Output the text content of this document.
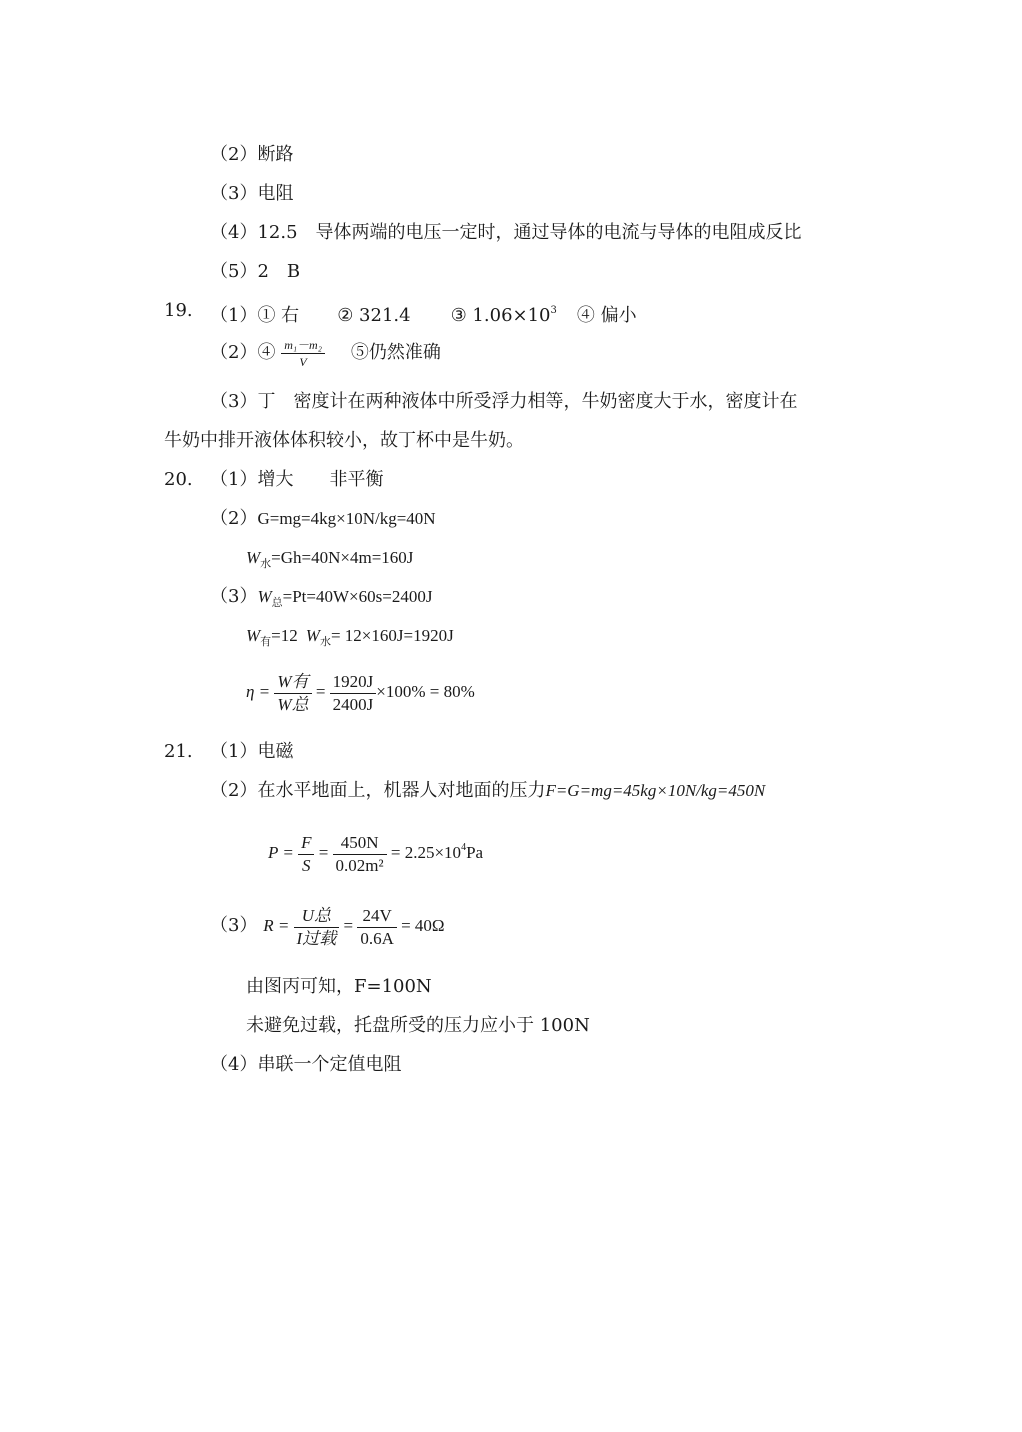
（2）断路
（3）电阻
（4）12.5 导体两端的电压一定时，通过导体的电流与导体的电阻成反比
（5）2　B
19. （1）① 右 ② 321.4 ③ $1.06\times 10^3$ ④ 偏小
（2）④ $\frac{\text{m₁－m₂}}{V}$ ⑤仍然准确
（3）丁　密度计在两种液体中所受浮力相等，牛奶密度大于水，密度计在
牛奶中排开液体体积较小，故丁杯中是牛奶。
20. （1）增大　　非平衡
（2）G=mg=4kg×10N/kg=40N
$W_水=Gh=40N\times 4m=160J$
$(3)W_总=Pt=40W\times 60s=2400J$
$W_有=12$ $W_水= 12\times 160J=1920J$
$\eta = \frac{\text{W有}}{\text{W总}} = \frac{1920J}{2400J} \times 100\% = 80\%$
21. （1）电磁
（2）在水平地面上，机器人对地面的压力F=G=mg=45kg×10N/kg=450N
$P = \frac{F}{S} = \frac{450N}{\text{0.02m²}} = 2.25\times 10^4Pa$
（3） $R = \frac{\text{U总}}{\text{I过载}} = \frac{24V}{0.6A} = 40\Omega$
由图丙可知，F=100N
未避免过载，托盘所受的压力应小于 100N
（4）串联一个定值电阻
